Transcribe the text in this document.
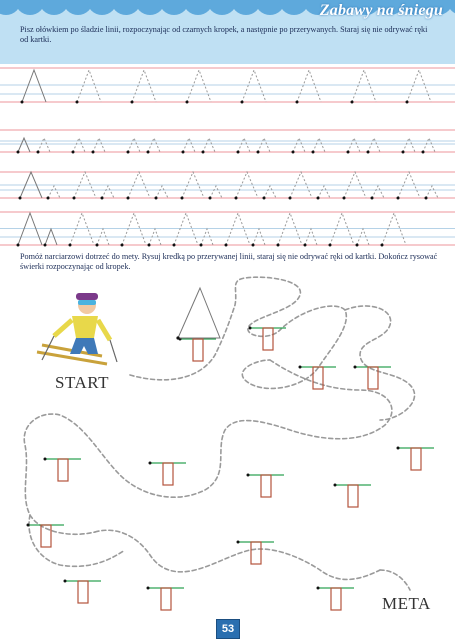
Zabawy na śniegu
Pisz ołówkiem po śladzie linii, rozpoczynając od czarnych kropek, a następnie po przerywanych. Staraj się nie odrywać ręki od kartki.
Pomóż narciarzowi dotrzeć do mety. Rysuj kredką po przerywanej linii, staraj się nie odrywać ręki od kartki. Dokończ rysować świerki rozpoczynając od kropek.
START
META
53
